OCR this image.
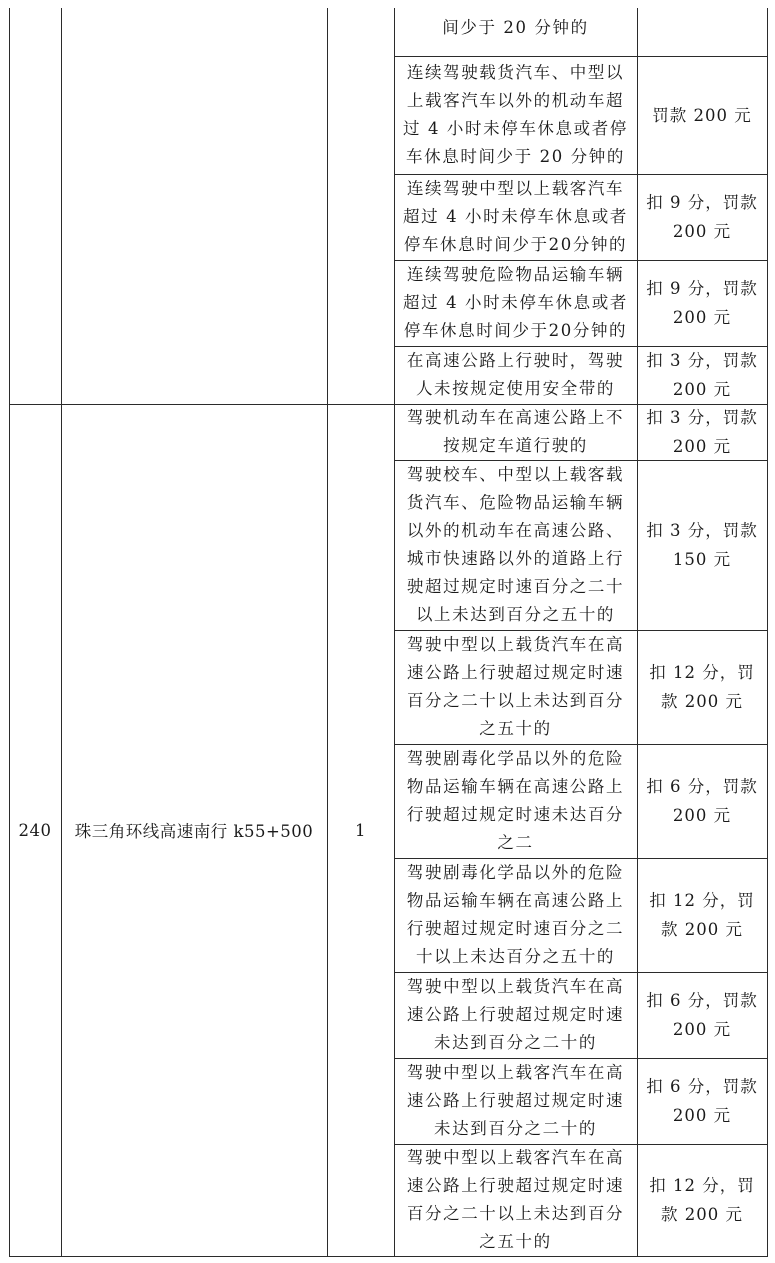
间少于 20 分钟的
连续驾驶载货汽车、中型以上载客汽车以外的机动车超过 4 小时未停车休息或者停车休息时间少于 20 分钟的
罚款 200 元
连续驾驶中型以上载客汽车超过 4 小时未停车休息或者停车休息时间少于20分钟的
扣 9 分，罚款 200 元
连续驾驶危险物品运输车辆超过 4 小时未停车休息或者停车休息时间少于20分钟的
扣 9 分，罚款 200 元
在高速公路上行驶时，驾驶人未按规定使用安全带的
扣 3 分，罚款 200 元
240 珠三角环线高速南行 k55+500	1
驾驶机动车在高速公路上不按规定车道行驶的
扣 3 分，罚款 200 元
驾驶校车、中型以上载客载货汽车、危险物品运输车辆以外的机动车在高速公路、城市快速路以外的道路上行驶超过规定时速百分之二十以上未达到百分之五十的
扣 3 分，罚款 150 元
驾驶中型以上载货汽车在高速公路上行驶超过规定时速百分之二十以上未达到百分之五十的
扣 12 分，罚款 200 元
驾驶剧毒化学品以外的危险物品运输车辆在高速公路上行驶超过规定时速未达百分之二
扣 6 分，罚款 200 元
驾驶剧毒化学品以外的危险物品运输车辆在高速公路上行驶超过规定时速百分之二十以上未达百分之五十的
扣 12 分，罚款 200 元
驾驶中型以上载货汽车在高速公路上行驶超过规定时速未达到百分之二十的
扣 6 分，罚款 200 元
驾驶中型以上载客汽车在高速公路上行驶超过规定时速未达到百分之二十的
扣 6 分，罚款 200 元
驾驶中型以上载客汽车在高速公路上行驶超过规定时速百分之二十以上未达到百分之五十的
扣 12 分，罚款 200 元
